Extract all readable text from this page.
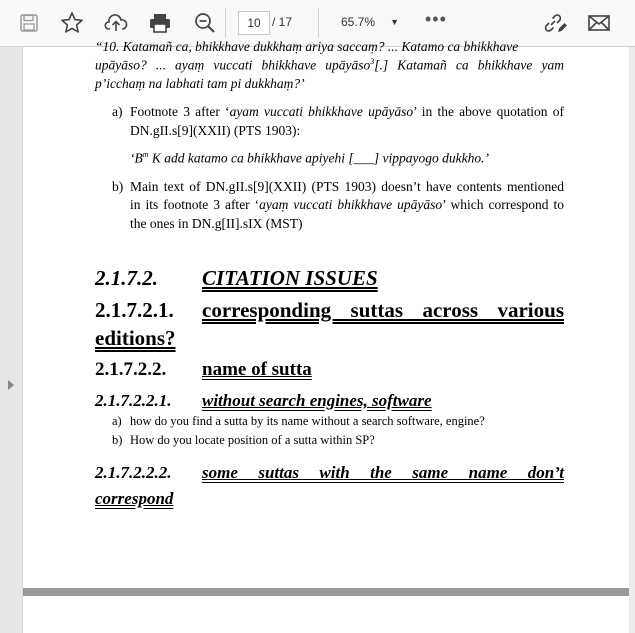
10 / 17	65.7% ▼ •••
“10. Katamañ ca, bhikkhave dukkhaṃ ariya saccaṃ? ... Katamo ca bhikkhave
upāyāso? ... ayaṃ vuccati bhikkhave upāyāso$^3$[.] Katamañ ca bhikkhave yam
p’icchaṃ na labhati tam pi dukkhaṃ?’
a) Footnote 3 after ‘ayam vuccati bhikkhave upāyāso’ in the above quotation of
DN.gII.s[9](XXII) (PTS 1903):
‘$B^m$ K add katamo ca bhikkhave apiyehi [___] vippayogo dukkho.’
b) Main text of DN.gII.s[9](XXII) (PTS 1903) doesn’t have contents mentioned
in its footnote 3 after ‘ayaṃ vuccati bhikkhave upāyāso’ which correspond to
the ones in DN.g[II].sIX (MST)
2.1.7.2. CITATION ISSUES
2.1.7.2.1. corresponding suttas across various
editions?
2.1.7.2.2. name of sutta
2.1.7.2.2.1. without search engines, software
a) how do you find a sutta by its name without a search software, engine?
b) How do you locate position of a sutta within SP?
2.1.7.2.2.2. some suttas with the same name don’t
correspond
